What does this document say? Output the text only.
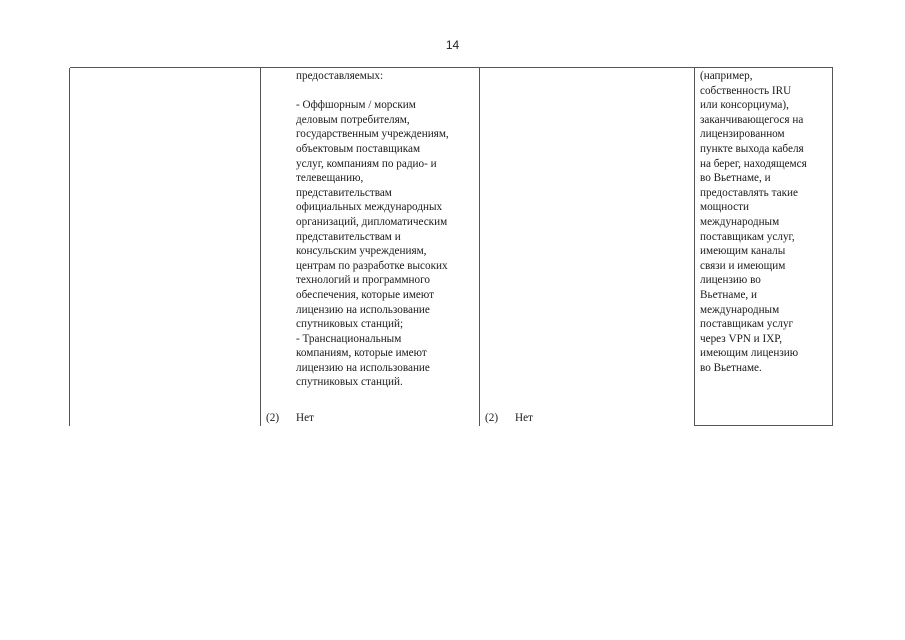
14
предоставляемых:

- Оффшорным / морским
деловым потребителям,
государственным учреждениям,
объектовым поставщикам
услуг, компаниям по радио- и
телевещанию,
представительствам
официальных международных
организаций, дипломатическим
представительствам и
консульским учреждениям,
центрам по разработке высоких
технологий и программного
обеспечения, которые имеют
лицензию на использование
спутниковых станций;
- Транснациональным
компаниям, которые имеют
лицензию на использование
спутниковых станций.
(2) Нет	(2) Нет
(например,
собственность IRU
или консорциума),
заканчивающегося на
лицензированном
пункте выхода кабеля
на берег, находящемся
во Вьетнаме, и
предоставлять такие
мощности
международным
поставщикам услуг,
имеющим каналы
связи и имеющим
лицензию во
Вьетнаме, и
международным
поставщикам услуг
через VPN и IXP,
имеющим лицензию
во Вьетнаме.
